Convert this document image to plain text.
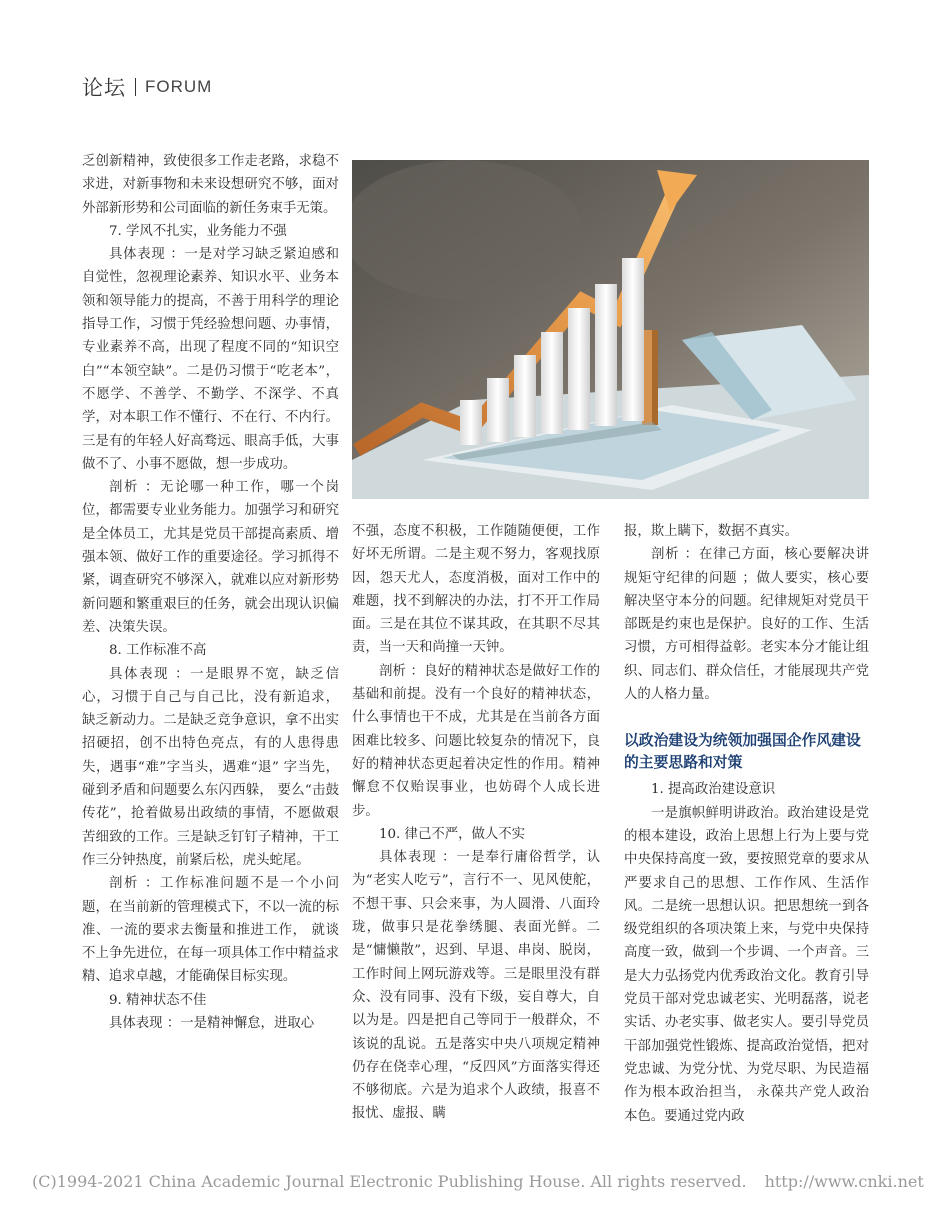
论坛 FORUM

乏创新精神，致使很多工作走老路，求稳不求进，对新事物和未来设想研究不够，面对外部新形势和公司面临的新任务束手无策。

7. 学风不扎实，业务能力不强

具体表现 ：一是对学习缺乏紧迫感和自觉性，忽视理论素养、知识水平、业务本领和领导能力的提高，不善于用科学的理论指导工作，习惯于凭经验想问题、办事情，专业素养不高，出现了程度不同的“知识空白”“本领空缺”。二是仍习惯于“吃老本”，不愿学、不善学、不勤学、不深学、不真学，对本职工作不懂行、不在行、不内行。三是有的年轻人好高骛远、眼高手低，大事做不了、小事不愿做，想一步成功。

剖析 ：无论哪一种工作，哪一个岗位，都需要专业业务能力。加强学习和研究是全体员工，尤其是党员干部提高素质、增强本领、做好工作的重要途径。学习抓得不紧，调查研究不够深入，就难以应对新形势新问题和繁重艰巨的任务，就会出现认识偏差、决策失误。

8. 工作标准不高

具体表现 ：一是眼界不宽，缺乏信心，习惯于自己与自己比，没有新追求， 缺乏新动力。二是缺乏竞争意识，拿不出实招硬招，创不出特色亮点，有的人患得患失，遇事“难”字当头，遇难“退” 字当先，碰到矛盾和问题要么东闪西躲， 要么“击鼓传花”，抢着做易出政绩的事情，不愿做艰苦细致的工作。三是缺乏钉钉子精神，干工作三分钟热度，前紧后松，虎头蛇尾。

剖析 ：工作标准问题不是一个小问题，在当前新的管理模式下，不以一流的标准、一流的要求去衡量和推进工作， 就谈不上争先进位，在每一项具体工作中精益求精、追求卓越，才能确保目标实现。

9. 精神状态不佳

具体表现 ：一是精神懈怠，进取心

不强，态度不积极，工作随随便便，工作好坏无所谓。二是主观不努力，客观找原因，怨天尤人，态度消极，面对工作中的难题，找不到解决的办法，打不开工作局面。三是在其位不谋其政，在其职不尽其责，当一天和尚撞一天钟。

剖析 ：良好的精神状态是做好工作的基础和前提。没有一个良好的精神状态，什么事情也干不成，尤其是在当前各方面困难比较多、问题比较复杂的情况下，良好的精神状态更起着决定性的作用。精神懈怠不仅贻误事业，也妨碍个人成长进步。

10. 律己不严，做人不实

具体表现 ：一是奉行庸俗哲学，认为“老实人吃亏”，言行不一、见风使舵，不想干事、只会来事，为人圆滑、八面玲珑，做事只是花拳绣腿、表面光鲜。二是“慵懒散”，迟到、早退、串岗、脱岗，工作时间上网玩游戏等。三是眼里没有群众、没有同事、没有下级，妄自尊大，自以为是。四是把自己等同于一般群众，不该说的乱说。五是落实中央八项规定精神仍存在侥幸心理，“反四风”方面落实得还不够彻底。六是为追求个人政绩，报喜不报忧、虚报、瞒

报，欺上瞒下，数据不真实。

剖析 ：在律己方面，核心要解决讲规矩守纪律的问题 ；做人要实，核心要解决坚守本分的问题。纪律规矩对党员干部既是约束也是保护。良好的工作、生活习惯，方可相得益彰。老实本分才能让组织、同志们、群众信任，才能展现共产党人的人格力量。

以政治建设为统领加强国企作风建设的主要思路和对策

1. 提高政治建设意识

一是旗帜鲜明讲政治。政治建设是党的根本建设，政治上思想上行为上要与党中央保持高度一致，要按照党章的要求从严要求自己的思想、工作作风、生活作风。二是统一思想认识。把思想统一到各级党组织的各项决策上来，与党中央保持高度一致，做到一个步调、一个声音。三是大力弘扬党内优秀政治文化。教育引导党员干部对党忠诚老实、光明磊落，说老实话、办老实事、做老实人。要引导党员干部加强党性锻炼、提高政治觉悟，把对党忠诚、为党分忧、为党尽职、为民造福作为根本政治担当， 永葆共产党人政治本色。要通过党内政

(C)1994-2021 China Academic Journal Electronic Publishing House. All rights reserved. http://www.cnki.net
